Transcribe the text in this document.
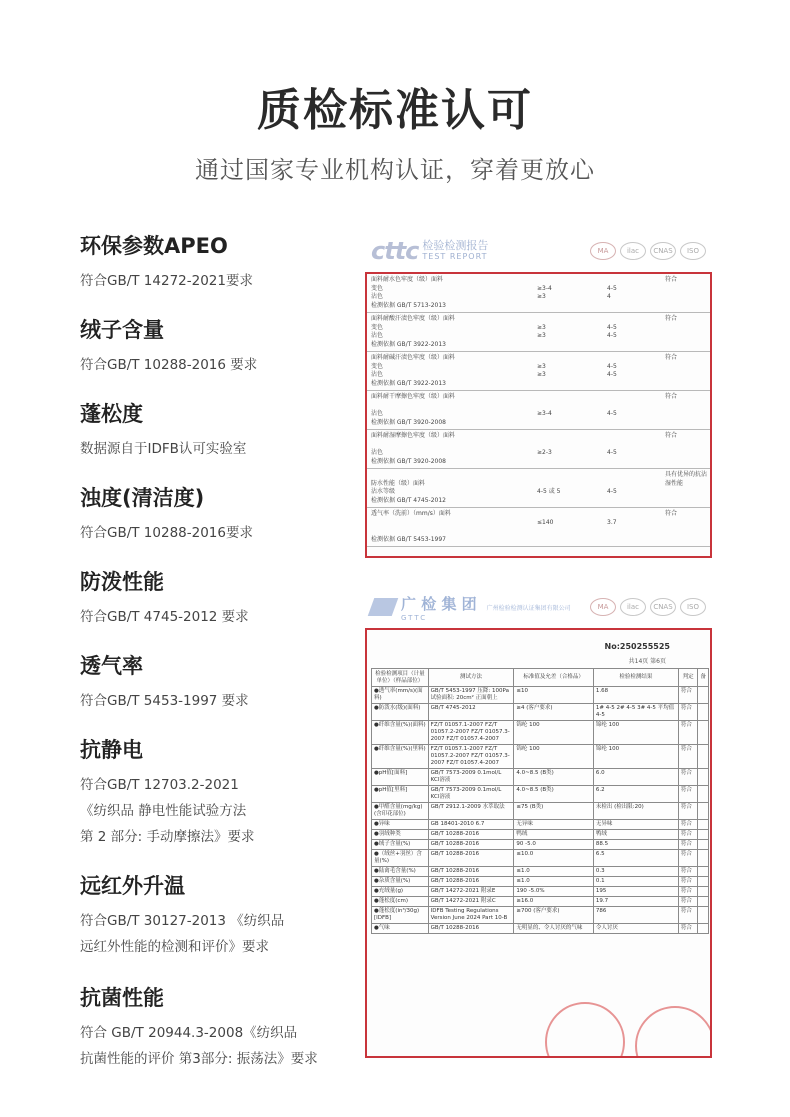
质检标准认可
通过国家专业机构认证，穿着更放心
环保参数APEO

符合GB/T 14272-2021要求

绒子含量

符合GB/T 10288-2016 要求

蓬松度

数据源自于IDFB认可实验室

浊度(清洁度)

符合GB/T 10288-2016要求

防泼性能

符合GB/T 4745-2012 要求

透气率

符合GB/T 5453-1997 要求

抗静电

符合GB/T 12703.2-2021
《纺织品 静电性能试验方法
第 2 部分: 手动摩擦法》要求

远红外升温

符合GB/T 30127-2013 《纺织品
远红外性能的检测和评价》要求

抗菌性能

符合 GB/T 20944.3-2008《纺织品
抗菌性能的评价 第3部分: 振荡法》要求

cttc 检验检测报告
TEST REPORT
MA	ilac	CNAS	ISO
面料耐水色牢度（级）面料	符合
变色	≥3-4	4-5
沾色	≥3	4
检测依据 GB/T 5713-2013
面料耐酸汗渍色牢度（级）面料	符合
变色	≥3	4-5
沾色	≥3	4-5
检测依据 GB/T 3922-2013
面料耐碱汗渍色牢度（级）面料	符合
变色	≥3	4-5
沾色	≥3	4-5
检测依据 GB/T 3922-2013
面料耐干摩擦色牢度（级）面料	符合
沾色	≥3-4	4-5
检测依据 GB/T 3920-2008
面料耐湿摩擦色牢度（级）面料	符合
沾色	≥2-3	4-5
检测依据 GB/T 3920-2008
具有优异的抗沾湿性能
防水性能（级）面料
沾水等级	4-5 或 5	4-5
检测依据 GB/T 4745-2012
透气率（洗前）（mm/s）面料	符合
≤140	3.7
检测依据 GB/T 5453-1997
广 检 集 团
GTTC
广州检验检测认证集团有限公司	MA	ilac	CNAS	ISO
No:250255525
共14页 第6页
检验检测项目（计量单位）（样品部位）	测试方法	标准值及允差（合格品）	检验检测结果	判定	备
●透气率(mm/s)(面料)	GB/T 5453-1997 压降: 100Pa 试验面积: 20cm² 正面朝上	≤10	1.68	符合	
●防泼水(级)(面料)	GB/T 4745-2012	≥4 (客户要求)	1# 4-5 2# 4-5 3# 4-5 平均值 4-5	符合	
●纤维含量(%)(面料)	FZ/T 01057.1-2007 FZ/T 01057.2-2007 FZ/T 01057.3-2007 FZ/T 01057.4-2007	锦纶 100	锦纶 100	符合	
●纤维含量(%)(里料)	FZ/T 01057.1-2007 FZ/T 01057.2-2007 FZ/T 01057.3-2007 FZ/T 01057.4-2007	锦纶 100	锦纶 100	符合	
●pH值[面料]	GB/T 7573-2009 0.1mol/L KCl溶液	4.0~8.5 (B类)	6.0	符合	
●pH值[里料]	GB/T 7573-2009 0.1mol/L KCl溶液	4.0~8.5 (B类)	6.2	符合	
●甲醛含量(mg/kg)(含印花部位)	GB/T 2912.1-2009 水萃取法	≤75 (B类)	未检出 (检出限:20)	符合	
●异味	GB 18401-2010 6.7	无异味	无异味	符合	
●羽绒种类	GB/T 10288-2016	鸭绒	鸭绒	符合	
●绒子含量(%)	GB/T 10288-2016	90 -5.0	88.5	符合	
●（绒丝+羽丝）含量(%)	GB/T 10288-2016	≤10.0	6.5	符合	
●陆禽毛含量(%)	GB/T 10288-2016	≤1.0	0.3	符合	
●杂质含量(%)	GB/T 10288-2016	≤1.0	0.1	符合	
●充绒量(g)	GB/T 14272-2021 附录E	190 -5.0%	195	符合	
●蓬松度(cm)	GB/T 14272-2021 附录C	≥16.0	19.7	符合	
●蓬松度(in³/30g)[IDFB]	IDFB Testing Regulations Version June 2024 Part 10-B	≥700 (客户要求)	786	符合	
●气味	GB/T 10288-2016	无明显的、令人讨厌的气味	令人讨厌	符合	
